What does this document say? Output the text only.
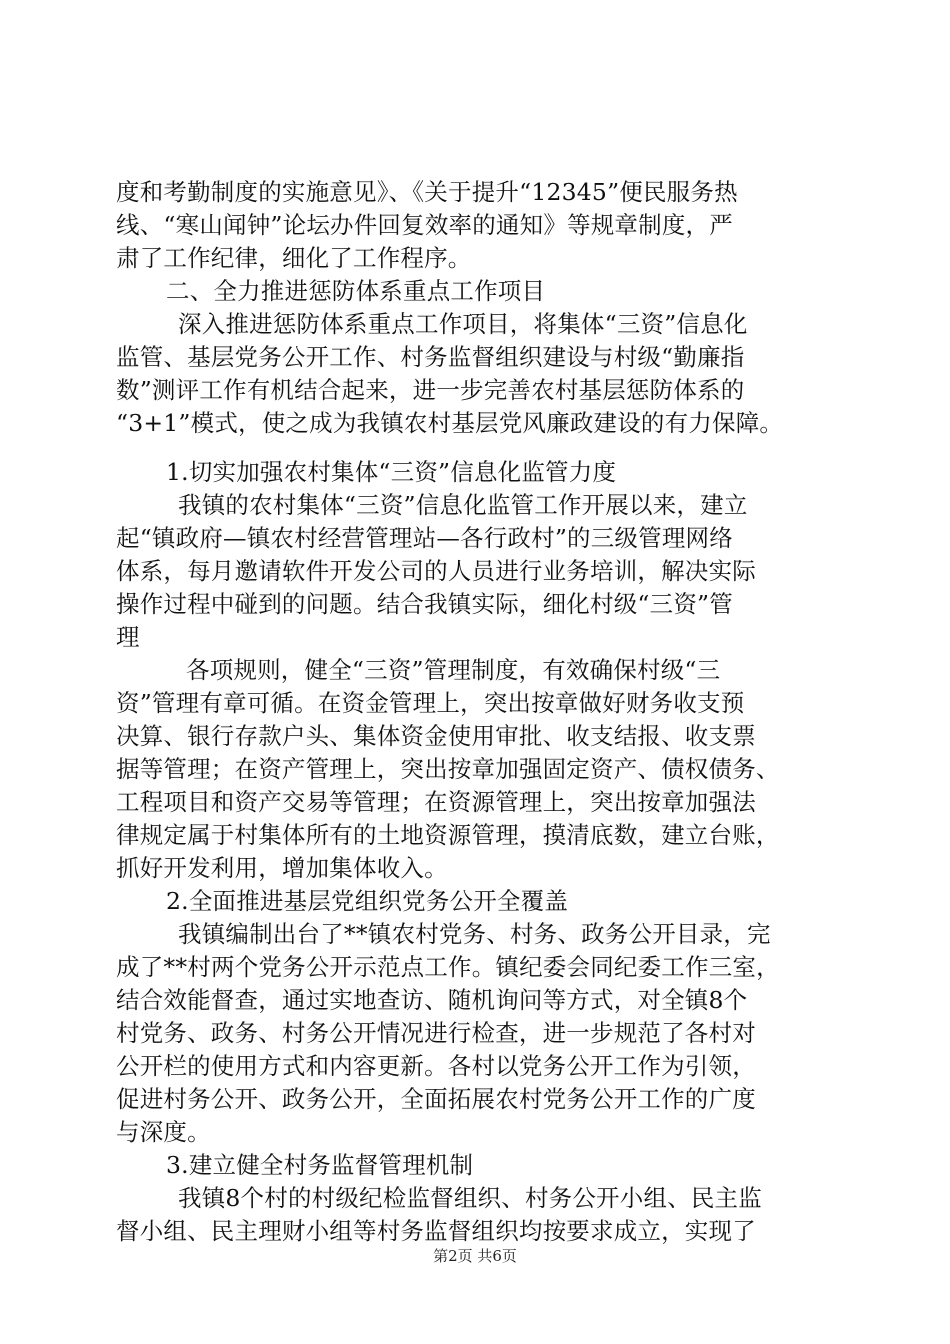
度和考勤制度的实施意见》、《关于提升“12345”便民服务热
线、“寒山闻钟”论坛办件回复效率的通知》等规章制度，严
肃了工作纪律，细化了工作程序。
二、全力推进惩防体系重点工作项目
深入推进惩防体系重点工作项目，将集体“三资”信息化
监管、基层党务公开工作、村务监督组织建设与村级“勤廉指
数”测评工作有机结合起来，进一步完善农村基层惩防体系的
“3+1”模式，使之成为我镇农村基层党风廉政建设的有力保障。
1.切实加强农村集体“三资”信息化监管力度
我镇的农村集体“三资”信息化监管工作开展以来，建立
起“镇政府—镇农村经营管理站—各行政村”的三级管理网络
体系，每月邀请软件开发公司的人员进行业务培训，解决实际
操作过程中碰到的问题。结合我镇实际，细化村级“三资”管
理
各项规则，健全“三资”管理制度，有效确保村级“三
资”管理有章可循。在资金管理上，突出按章做好财务收支预
决算、银行存款户头、集体资金使用审批、收支结报、收支票
据等管理；在资产管理上，突出按章加强固定资产、债权债务、
工程项目和资产交易等管理；在资源管理上，突出按章加强法
律规定属于村集体所有的土地资源管理，摸清底数，建立台账，
抓好开发利用，增加集体收入。
2.全面推进基层党组织党务公开全覆盖
我镇编制出台了**镇农村党务、村务、政务公开目录，完
成了**村两个党务公开示范点工作。镇纪委会同纪委工作三室，
结合效能督查，通过实地查访、随机询问等方式，对全镇8个
村党务、政务、村务公开情况进行检查，进一步规范了各村对
公开栏的使用方式和内容更新。各村以党务公开工作为引领，
促进村务公开、政务公开，全面拓展农村党务公开工作的广度
与深度。
3.建立健全村务监督管理机制
我镇8个村的村级纪检监督组织、村务公开小组、民主监
督小组、民主理财小组等村务监督组织均按要求成立，实现了
第2页 共6页
